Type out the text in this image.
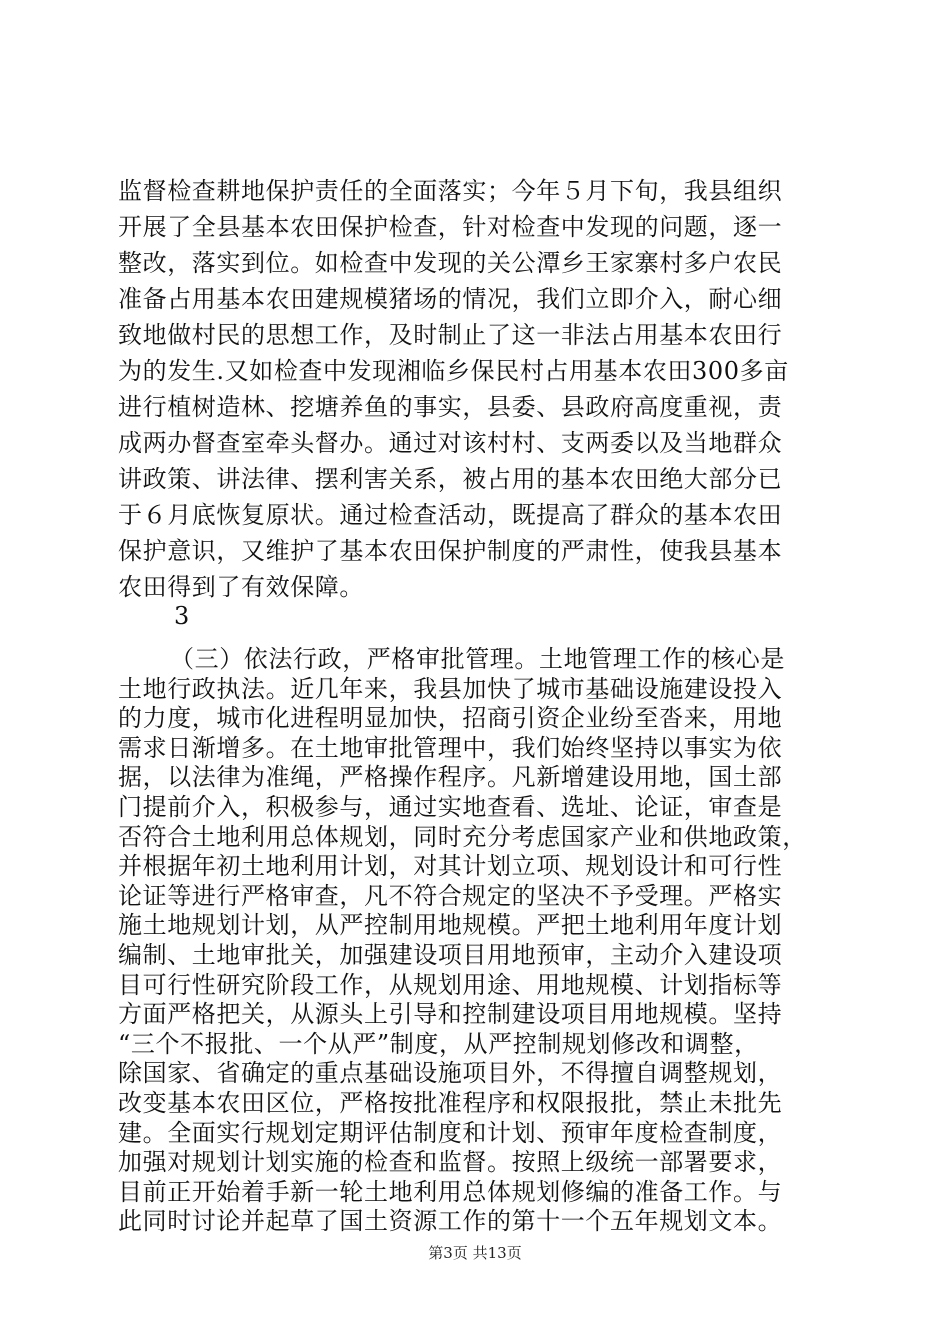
监督检查耕地保护责任的全面落实；今年５月下旬，我县组织
开展了全县基本农田保护检查，针对检查中发现的问题，逐一
整改，落实到位。如检查中发现的关公潭乡王家寨村多户农民
准备占用基本农田建规模猪场的情况，我们立即介入，耐心细
致地做村民的思想工作，及时制止了这一非法占用基本农田行
为的发生.又如检查中发现湘临乡保民村占用基本农田300多亩
进行植树造林、挖塘养鱼的事实，县委、县政府高度重视，责
成两办督查室牵头督办。通过对该村村、支两委以及当地群众
讲政策、讲法律、摆利害关系，被占用的基本农田绝大部分已
于６月底恢复原状。通过检查活动，既提高了群众的基本农田
保护意识，又维护了基本农田保护制度的严肃性，使我县基本
农田得到了有效保障。
3
（三）依法行政，严格审批管理。土地管理工作的核心是
土地行政执法。近几年来，我县加快了城市基础设施建设投入
的力度，城市化进程明显加快，招商引资企业纷至沓来，用地
需求日渐增多。在土地审批管理中，我们始终坚持以事实为依
据，以法律为准绳，严格操作程序。凡新增建设用地，国土部
门提前介入，积极参与，通过实地查看、选址、论证，审查是
否符合土地利用总体规划，同时充分考虑国家产业和供地政策，
并根据年初土地利用计划，对其计划立项、规划设计和可行性
论证等进行严格审查，凡不符合规定的坚决不予受理。严格实
施土地规划计划，从严控制用地规模。严把土地利用年度计划
编制、土地审批关，加强建设项目用地预审，主动介入建设项
目可行性研究阶段工作，从规划用途、用地规模、计划指标等
方面严格把关，从源头上引导和控制建设项目用地规模。坚持
“三个不报批、一个从严”制度，从严控制规划修改和调整，
除国家、省确定的重点基础设施项目外，不得擅自调整规划，
改变基本农田区位，严格按批准程序和权限报批，禁止未批先
建。全面实行规划定期评估制度和计划、预审年度检查制度，
加强对规划计划实施的检查和监督。按照上级统一部署要求，
目前正开始着手新一轮土地利用总体规划修编的准备工作。与
此同时讨论并起草了国土资源工作的第十一个五年规划文本。
第3页 共13页
